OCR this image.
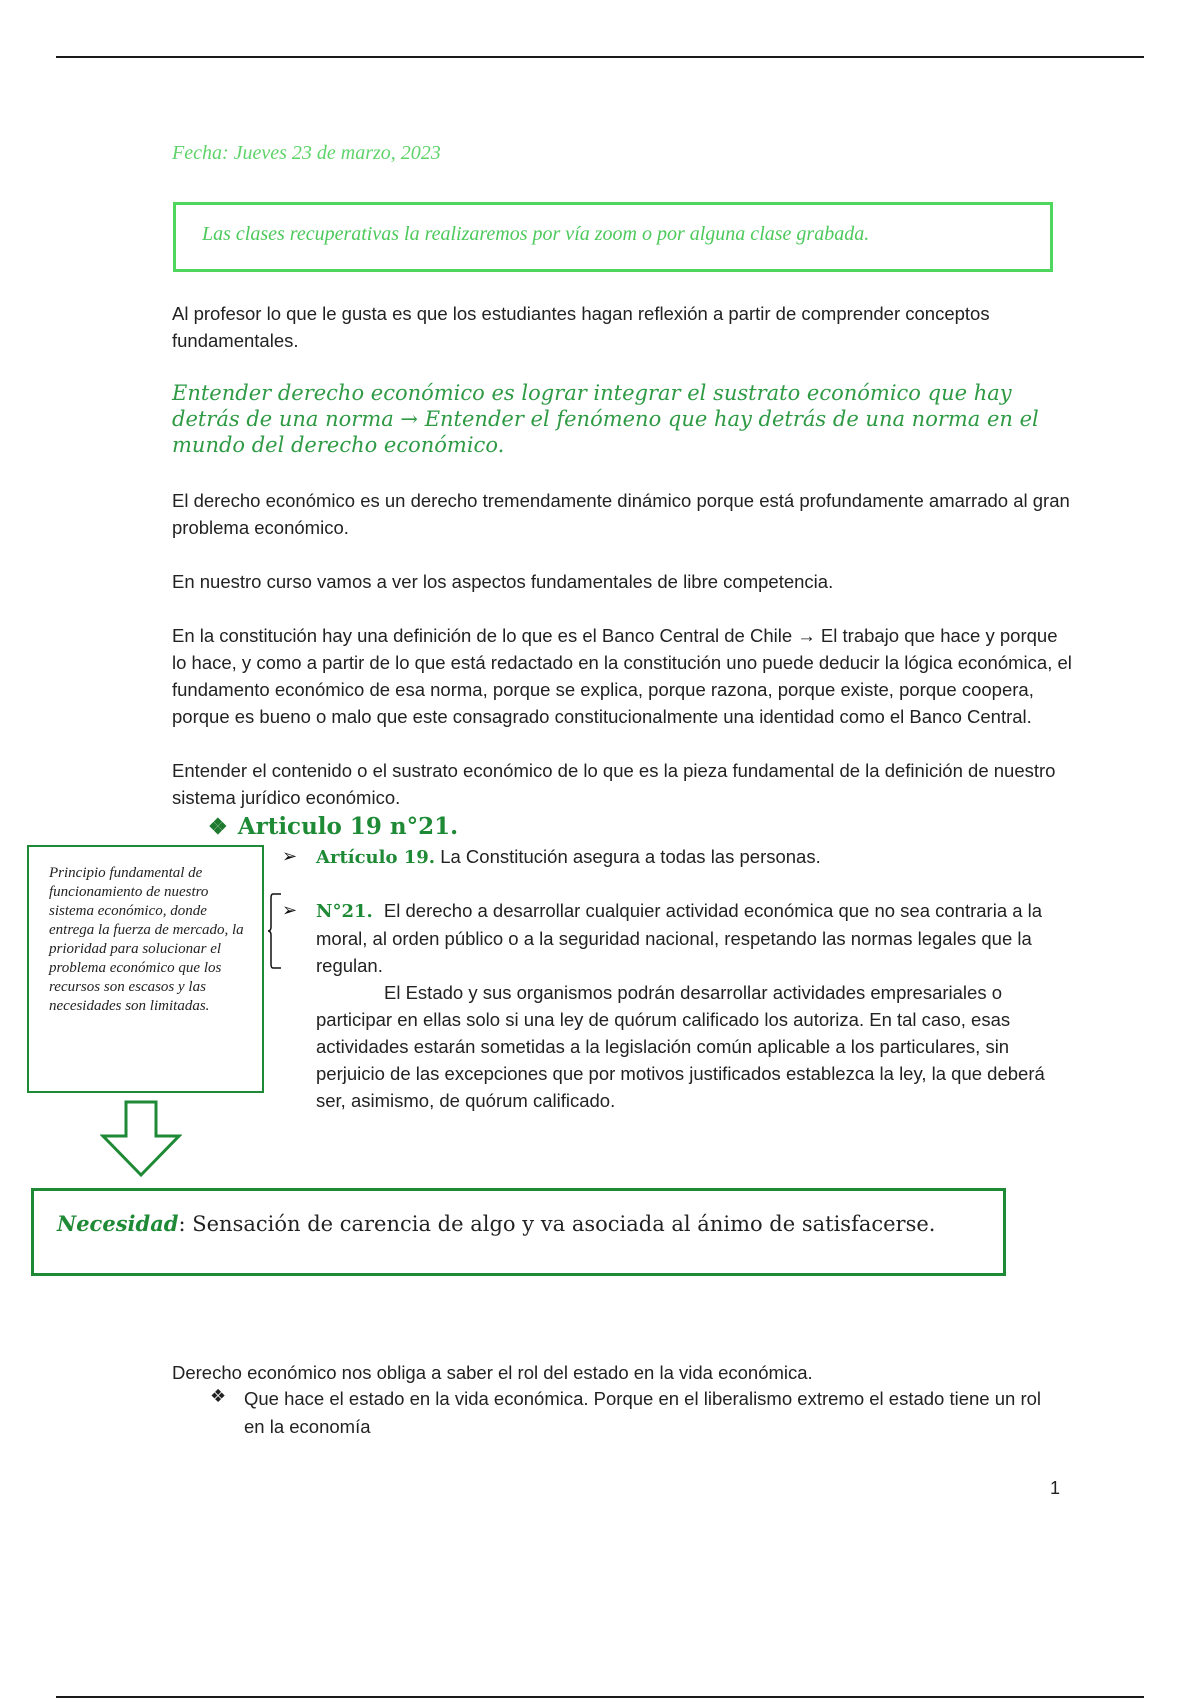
Fecha: Jueves 23 de marzo, 2023
Las clases recuperativas la realizaremos por vía zoom o por alguna clase grabada.
Al profesor lo que le gusta es que los estudiantes hagan reflexión a partir de comprender conceptos fundamentales.
Entender derecho económico es lograr integrar el sustrato económico que hay detrás de una norma → Entender el fenómeno que hay detrás de una norma en el mundo del derecho económico.
El derecho económico es un derecho tremendamente dinámico porque está profundamente amarrado al gran problema económico.
En nuestro curso vamos a ver los aspectos fundamentales de libre competencia.
En la constitución hay una definición de lo que es el Banco Central de Chile → El trabajo que hace y porque lo hace, y como a partir de lo que está redactado en la constitución uno puede deducir la lógica económica, el fundamento económico de esa norma, porque se explica, porque razona, porque existe, porque coopera, porque es bueno o malo que este consagrado constitucionalmente una identidad como el Banco Central.
Entender el contenido o el sustrato económico de lo que es la pieza fundamental de la definición de nuestro sistema jurídico económico.
❖ Articulo 19 n°21.
➢ Artículo 19. La Constitución asegura a todas las personas.
➢ N°21. El derecho a desarrollar cualquier actividad económica que no sea contraria a la moral, al orden público o a la seguridad nacional, respetando las normas legales que la regulan.
El Estado y sus organismos podrán desarrollar actividades empresariales o participar en ellas solo si una ley de quórum calificado los autoriza. En tal caso, esas actividades estarán sometidas a la legislación común aplicable a los particulares, sin perjuicio de las excepciones que por motivos justificados establezca la ley, la que deberá ser, asimismo, de quórum calificado.
Principio fundamental de funcionamiento de nuestro sistema económico, donde entrega la fuerza de mercado, la prioridad para solucionar el problema económico que los recursos son escasos y las necesidades son limitadas.
Necesidad: Sensación de carencia de algo y va asociada al ánimo de satisfacerse.
Derecho económico nos obliga a saber el rol del estado en la vida económica.
❖ Que hace el estado en la vida económica. Porque en el liberalismo extremo el estado tiene un rol en la economía
1
